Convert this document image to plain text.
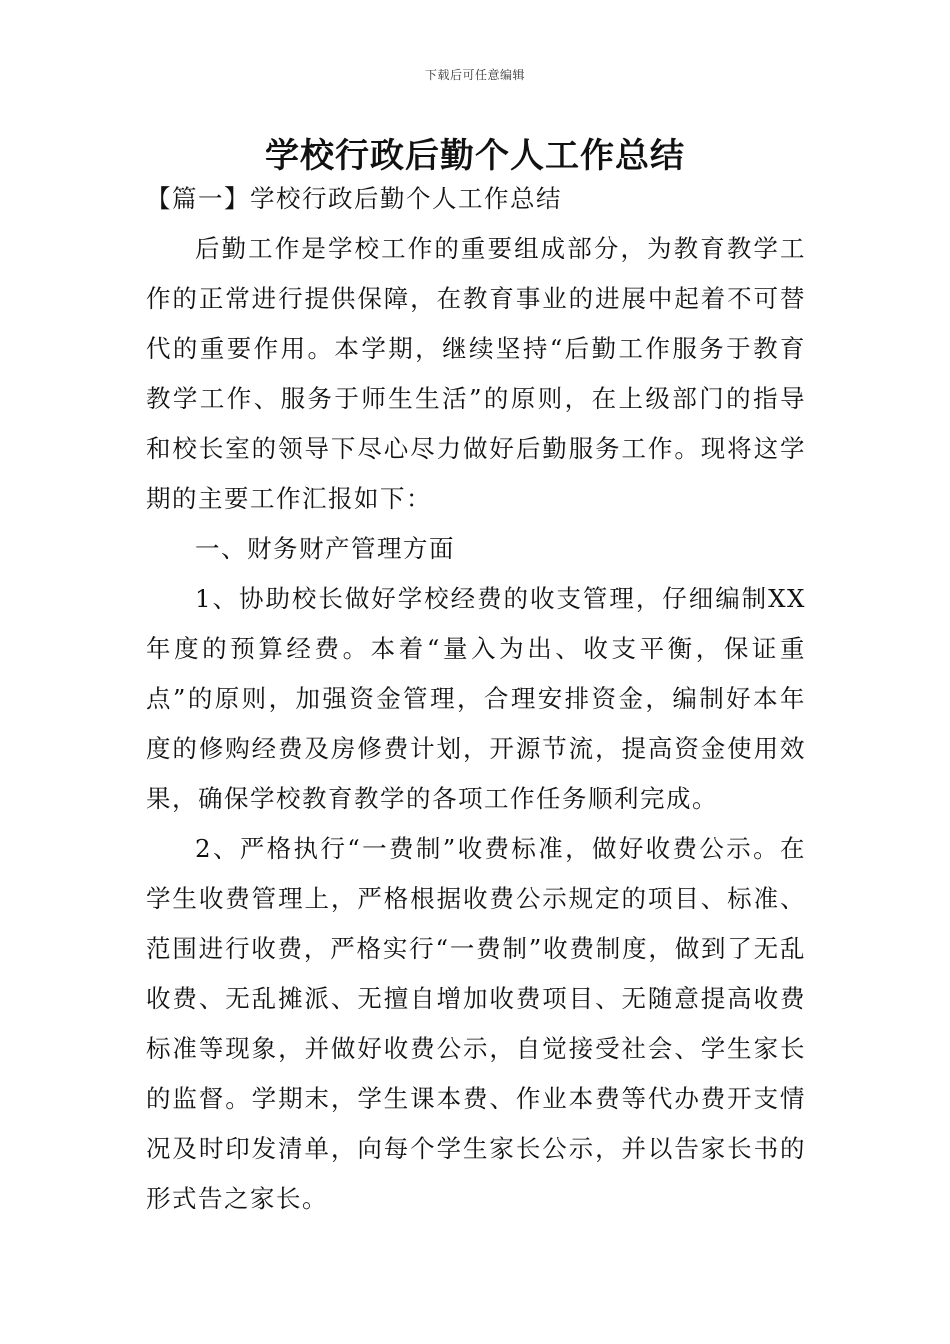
下载后可任意编辑
学校行政后勤个人工作总结

【篇一】学校行政后勤个人工作总结

后勤工作是学校工作的重要组成部分，为教育教学工作的正常进行提供保障，在教育事业的进展中起着不可替代的重要作用。本学期，继续坚持“后勤工作服务于教育教学工作、服务于师生生活”的原则，在上级部门的指导和校长室的领导下尽心尽力做好后勤服务工作。现将这学期的主要工作汇报如下：

一、财务财产管理方面

1、协助校长做好学校经费的收支管理，仔细编制XX年度的预算经费。本着“量入为出、收支平衡，保证重点”的原则，加强资金管理，合理安排资金，编制好本年度的修购经费及房修费计划，开源节流，提高资金使用效果，确保学校教育教学的各项工作任务顺利完成。

2、严格执行“一费制”收费标准，做好收费公示。在学生收费管理上，严格根据收费公示规定的项目、标准、范围进行收费，严格实行“一费制”收费制度，做到了无乱收费、无乱摊派、无擅自增加收费项目、无随意提高收费标准等现象，并做好收费公示，自觉接受社会、学生家长的监督。学期末，学生课本费、作业本费等代办费开支情况及时印发清单，向每个学生家长公示，并以告家长书的形式告之家长。
